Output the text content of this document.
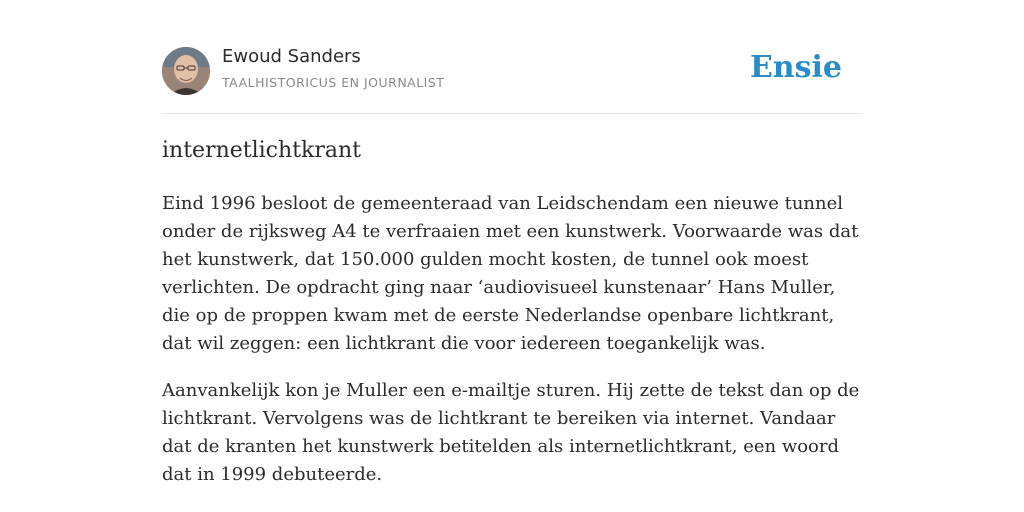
Ewoud Sanders
TAALHISTORICUS EN JOURNALIST	Ensie
internetlichtkrant

Eind 1996 besloot de gemeenteraad van Leidschendam een nieuwe tunnel onder de rijksweg A4 te verfraaien met een kunstwerk. Voorwaarde was dat het kunstwerk, dat 150.000 gulden mocht kosten, de tunnel ook moest verlichten. De opdracht ging naar ‘audiovisueel kunstenaar’ Hans Muller, die op de proppen kwam met de eerste Nederlandse openbare lichtkrant, dat wil zeggen: een lichtkrant die voor iedereen toegankelijk was.

Aanvankelijk kon je Muller een e-mailtje sturen. Hij zette de tekst dan op de lichtkrant. Vervolgens was de lichtkrant te bereiken via internet. Vandaar dat de kranten het kunstwerk betitelden als internetlichtkrant, een woord dat in 1999 debuteerde.
